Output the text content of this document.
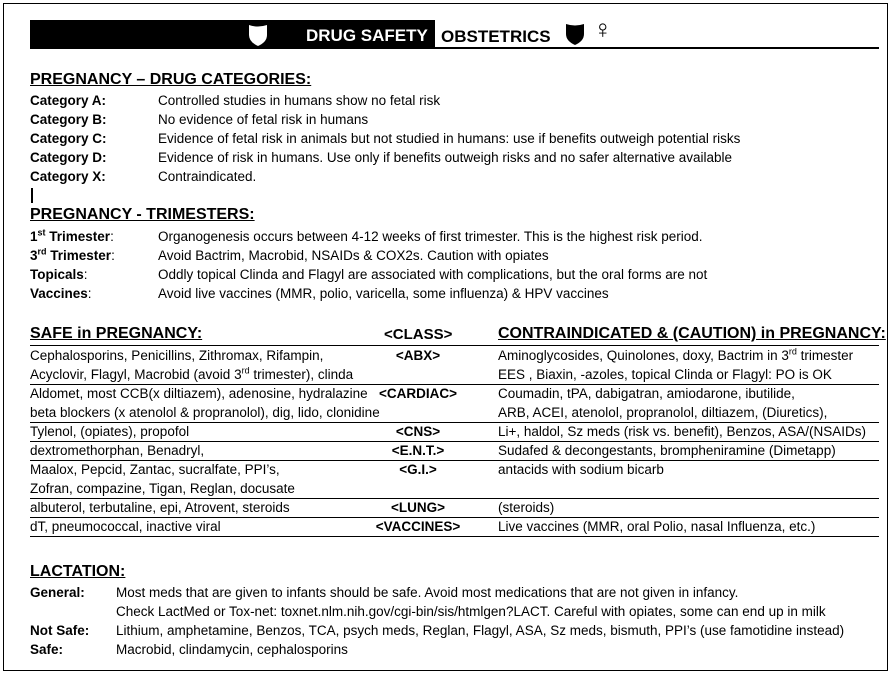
DRUG SAFETY OBSTETRICS ♀
PREGNANCY – DRUG CATEGORIES:
Category A:	Controlled studies in humans show no fetal risk
Category B:	No evidence of fetal risk in humans
Category C:	Evidence of fetal risk in animals but not studied in humans: use if benefits outweigh potential risks
Category D:	Evidence of risk in humans. Use only if benefits outweigh risks and no safer alternative available
Category X:	Contraindicated.
PREGNANCY - TRIMESTERS:
1st Trimester:	Organogenesis occurs between 4-12 weeks of first trimester. This is the highest risk period.
3rd Trimester:	Avoid Bactrim, Macrobid, NSAIDs & COX2s. Caution with opiates
Topicals:	Oddly topical Clinda and Flagyl are associated with complications, but the oral forms are not
Vaccines:	Avoid live vaccines (MMR, polio, varicella, some influenza) & HPV vaccines
SAFE in PREGNANCY:	<CLASS>	CONTRAINDICATED & (CAUTION) in PREGNANCY:
Cephalosporins, Penicillins, Zithromax, Rifampin,
Acyclovir, Flagyl, Macrobid (avoid 3rd trimester), clinda
<ABX>	Aminoglycosides, Quinolones, doxy, Bactrim in 3rd trimester
EES , Biaxin, -azoles, topical Clinda or Flagyl: PO is OK
Aldomet, most CCB(x diltiazem), adenosine, hydralazine
beta blockers (x atenolol & propranolol), dig, lido, clonidine
<CARDIAC>	Coumadin, tPA, dabigatran, amiodarone, ibutilide,
ARB, ACEI, atenolol, propranolol, diltiazem, (Diuretics),
Tylenol, (opiates), propofol	<CNS>	Li+, haldol, Sz meds (risk vs. benefit), Benzos, ASA/(NSAIDs)
dextromethorphan, Benadryl,	<E.N.T.>	Sudafed & decongestants, brompheniramine (Dimetapp)
Maalox, Pepcid, Zantac, sucralfate, PPI’s,
Zofran, compazine, Tigan, Reglan, docusate
<G.I.>	antacids with sodium bicarb
albuterol, terbutaline, epi, Atrovent, steroids	<LUNG>	(steroids)
dT, pneumococcal, inactive viral	<VACCINES>	Live vaccines (MMR, oral Polio, nasal Influenza, etc.)
LACTATION:
General: Most meds that are given to infants should be safe. Avoid most medications that are not given in infancy.
Check LactMed or Tox-net: toxnet.nlm.nih.gov/cgi-bin/sis/htmlgen?LACT. Careful with opiates, some can end up in milk
Not Safe: Lithium, amphetamine, Benzos, TCA, psych meds, Reglan, Flagyl, ASA, Sz meds, bismuth, PPI’s (use famotidine instead)
Safe:	Macrobid, clindamycin, cephalosporins
